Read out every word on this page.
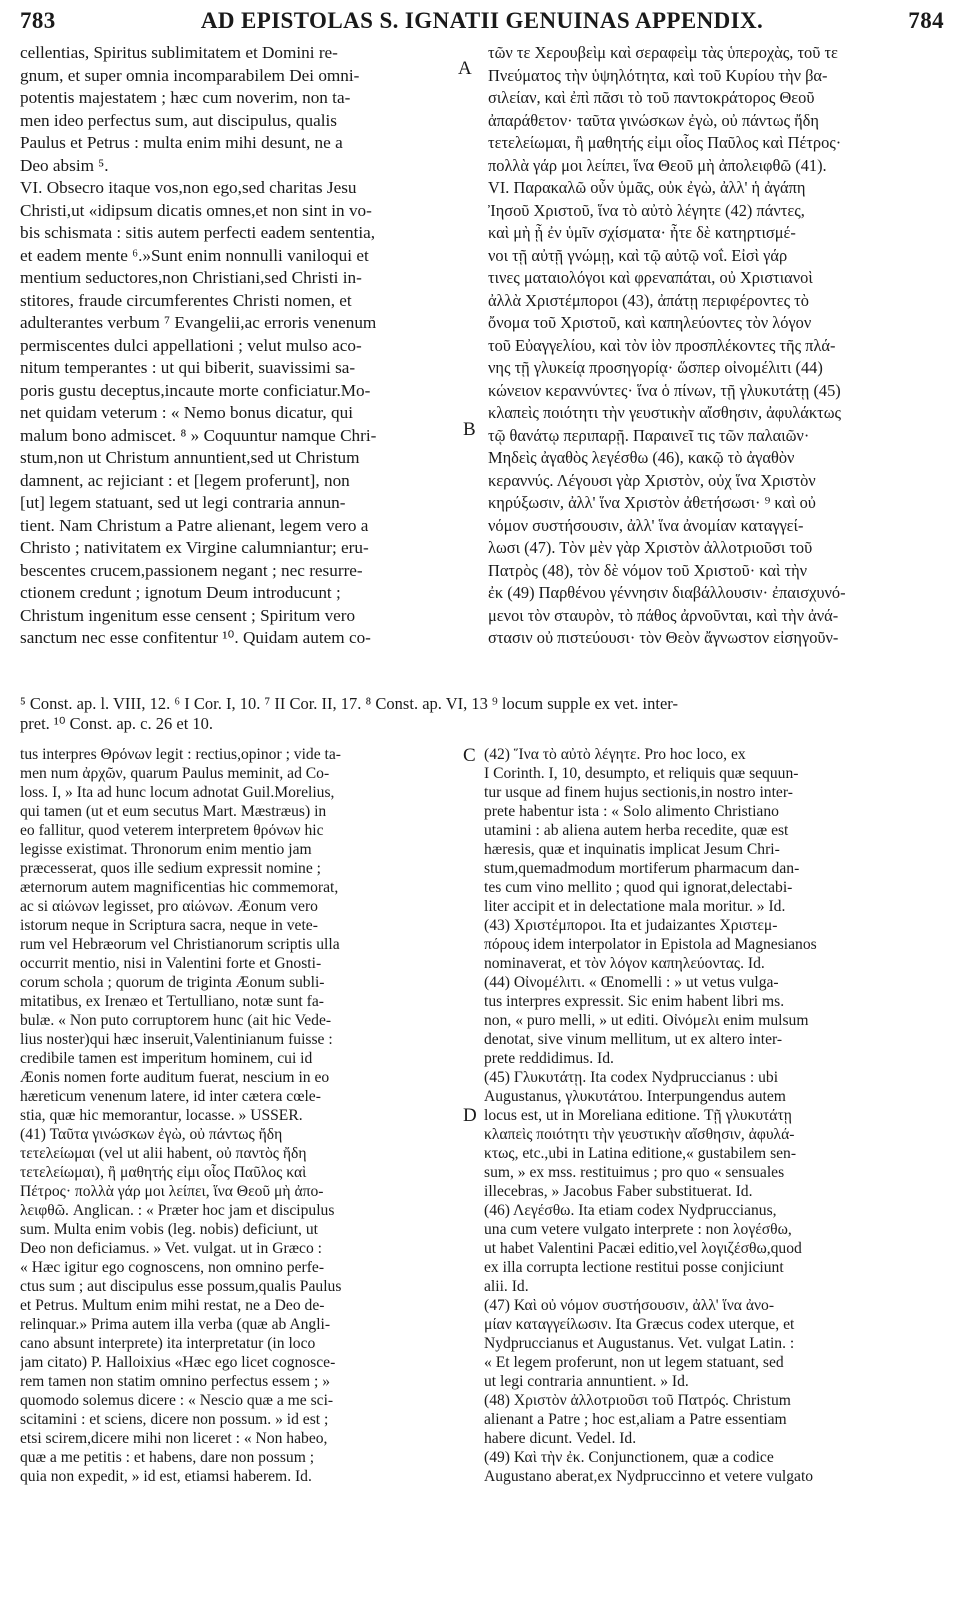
783	AD EPISTOLAS S. IGNATII GENUINAS APPENDIX.	784
cellentias, Spiritus sublimitatem et Domini re-
gnum, et super omnia incomparabilem Dei omni-
potentis majestatem ; hæc cum noverim, non ta-
men ideo perfectus sum, aut discipulus, qualis
Paulus et Petrus : multa enim mihi desunt, ne a
Deo absim ⁵.
VI. Obsecro itaque vos,non ego,sed charitas Jesu
Christi,ut «idipsum dicatis omnes,et non sint in vo-
bis schismata : sitis autem perfecti eadem sententia,
et eadem mente ⁶.»Sunt enim nonnulli vaniloqui et
mentium seductores,non Christiani,sed Christi in-
stitores, fraude circumferentes Christi nomen, et
adulterantes verbum ⁷ Evangelii,ac erroris venenum
permiscentes dulci appellationi ; velut mulso aco-
nitum temperantes : ut qui biberit, suavissimi sa-
poris gustu deceptus,incaute morte conficiatur.Mo-
net quidam veterum : « Nemo bonus dicatur, qui
malum bono admiscet. ⁸ » Coquuntur namque Chri-
stum,non ut Christum annuntient,sed ut Christum
damnent, ac rejiciant : et [legem proferunt], non
[ut] legem statuant, sed ut legi contraria annun-
tient. Nam Christum a Patre alienant, legem vero a
Christo ; nativitatem ex Virgine calumniantur; eru-
bescentes crucem,passionem negant ; nec resurre-
ctionem credunt ; ignotum Deum introducunt ;
Christum ingenitum esse censent ; Spiritum vero
sanctum nec esse confitentur ¹⁰. Quidam autem co-
τῶν τε Χερουβεὶμ καὶ σεραφεὶμ τὰς ὑπεροχὰς, τοῦ τε
Πνεύματος τὴν ὑψηλότητα, καὶ τοῦ Κυρίου τὴν βα-
σιλείαν, καὶ ἐπὶ πᾶσι τὸ τοῦ παντοκράτορος Θεοῦ
ἀπαράθετον· ταῦτα γινώσκων ἐγὼ, οὐ πάντως ἤδη
τετελείωμαι, ἢ μαθητής εἰμι οἷος Παῦλος καὶ Πέτρος·
πολλὰ γάρ μοι λείπει, ἵνα Θεοῦ μὴ ἀπολειφθῶ (41).
VI. Παρακαλῶ οὖν ὑμᾶς, οὐκ ἐγὼ, ἀλλ' ἡ ἀγάπη
Ἰησοῦ Χριστοῦ, ἵνα τὸ αὐτὸ λέγητε (42) πάντες,
καὶ μὴ ᾖ ἐν ὑμῖν σχίσματα· ἦτε δὲ κατηρτισμέ-
νοι τῇ αὐτῇ γνώμῃ, καὶ τῷ αὐτῷ νοΐ. Εἰσὶ γάρ
τινες ματαιολόγοι καὶ φρεναπάται, οὐ Χριστιανοὶ
ἀλλὰ Χριστέμποροι (43), ἀπάτῃ περιφέροντες τὸ
ὄνομα τοῦ Χριστοῦ, καὶ καπηλεύοντες τὸν λόγον
τοῦ Εὐαγγελίου, καὶ τὸν ἰὸν προσπλέκοντες τῆς πλά-
νης τῇ γλυκείᾳ προσηγορίᾳ· ὥσπερ οἰνομέλιτι (44)
κώνειον κεραννύντες· ἵνα ὁ πίνων, τῇ γλυκυτάτῃ (45)
κλαπεὶς ποιότητι τὴν γευστικὴν αἴσθησιν, ἀφυλάκτως
τῷ θανάτῳ περιπαρῇ. Παραινεῖ τις τῶν παλαιῶν·
Μηδεὶς ἀγαθὸς λεγέσθω (46), κακῷ τὸ ἀγαθὸν
κεραννύς. Λέγουσι γὰρ Χριστὸν, οὐχ ἵνα Χριστὸν
κηρύξωσιν, ἀλλ' ἵνα Χριστὸν ἀθετήσωσι· ⁹ καὶ οὐ
νόμον συστήσουσιν, ἀλλ' ἵνα ἀνομίαν καταγγεί-
λωσι (47). Τὸν μὲν γὰρ Χριστὸν ἀλλοτριοῦσι τοῦ
Πατρὸς (48), τὸν δὲ νόμον τοῦ Χριστοῦ· καὶ τὴν
ἐκ (49) Παρθένου γέννησιν διαβάλλουσιν· ἐπαισχυνό-
μενοι τὸν σταυρὸν, τὸ πάθος ἀρνοῦνται, καὶ τὴν ἀνά-
στασιν οὐ πιστεύουσι· τὸν Θεὸν ἄγνωστον εἰσηγοῦν-
A
B
C
D
⁵ Const. ap. l. VIII, 12. ⁶ I Cor. I, 10. ⁷ II Cor. II, 17. ⁸ Const. ap. VI, 13 ⁹ locum supple ex vet. inter-
pret. ¹⁰ Const. ap. c. 26 et 10.
tus interpres Θρόνων legit : rectius,opinor ; vide ta-
men num ἀρχῶν, quarum Paulus meminit, ad Co-
loss. I, » Ita ad hunc locum adnotat Guil.Morelius,
qui tamen (ut et eum secutus Mart. Mæstræus) in
eo fallitur, quod veterem interpretem θρόνων hic
legisse existimat. Thronorum enim mentio jam
præcesserat, quos ille sedium expressit nomine ;
æternorum autem magnificentias hic commemorat,
ac si αἰώνων legisset, pro αἰώνων. Æonum vero
istorum neque in Scriptura sacra, neque in vete-
rum vel Hebræorum vel Christianorum scriptis ulla
occurrit mentio, nisi in Valentini forte et Gnosti-
corum schola ; quorum de triginta Æonum subli-
mitatibus, ex Irenæo et Tertulliano, notæ sunt fa-
bulæ. « Non puto corruptorem hunc (ait hic Vede-
lius noster)qui hæc inseruit,Valentinianum fuisse :
credibile tamen est imperitum hominem, cui id
Æonis nomen forte auditum fuerat, nescium in eo
hæreticum venenum latere, id inter cætera cœle-
stia, quæ hic memorantur, locasse. » USSER.
(41) Ταῦτα γινώσκων ἐγὼ, οὐ πάντως ἤδη
τετελείωμαι (vel ut alii habent, οὐ παντὸς ἤδη
τετελείωμαι), ἢ μαθητής εἰμι οἷος Παῦλος καὶ
Πέτρος· πολλὰ γάρ μοι λείπει, ἵνα Θεοῦ μὴ ἀπο-
λειφθῶ. Anglican. : « Præter hoc jam et discipulus
sum. Multa enim vobis (leg. nobis) deficiunt, ut
Deo non deficiamus. » Vet. vulgat. ut in Græco :
« Hæc igitur ego cognoscens, non omnino perfe-
ctus sum ; aut discipulus esse possum,qualis Paulus
et Petrus. Multum enim mihi restat, ne a Deo de-
relinquar.» Prima autem illa verba (quæ ab Angli-
cano absunt interprete) ita interpretatur (in loco
jam citato) P. Halloixius «Hæc ego licet cognosce-
rem tamen non statim omnino perfectus essem ; »
quomodo solemus dicere : « Nescio quæ a me sci-
scitamini : et sciens, dicere non possum. » id est ;
etsi scirem,dicere mihi non liceret : « Non habeo,
quæ a me petitis : et habens, dare non possum ;
quia non expedit, » id est, etiamsi haberem. Id.
(42) Ἵνα τὸ αὐτὸ λέγητε. Pro hoc loco, ex
I Corinth. I, 10, desumpto, et reliquis quæ sequun-
tur usque ad finem hujus sectionis,in nostro inter-
prete habentur ista : « Solo alimento Christiano
utamini : ab aliena autem herba recedite, quæ est
hæresis, quæ et inquinatis implicat Jesum Chri-
stum,quemadmodum mortiferum pharmacum dan-
tes cum vino mellito ; quod qui ignorat,delectabi-
liter accipit et in delectatione mala moritur. » Id.
(43) Χριστέμποροι. Ita et judaizantes Χριστεμ-
πόρους idem interpolator in Epistola ad Magnesianos
nominaverat, et τὸν λόγον καπηλεύοντας. Id.
(44) Οἰνομέλιτι. « Œnomelli : » ut vetus vulga-
tus interpres expressit. Sic enim habent libri ms.
non, « puro melli, » ut editi. Οἰνόμελι enim mulsum
denotat, sive vinum mellitum, ut ex altero inter-
prete reddidimus. Id.
(45) Γλυκυτάτῃ. Ita codex Nydpruccianus : ubi
Augustanus, γλυκυτάτου. Interpungendus autem
locus est, ut in Moreliana editione. Τῇ γλυκυτάτῃ
κλαπεὶς ποιότητι τὴν γευστικὴν αἴσθησιν, ἀφυλά-
κτως, etc.,ubi in Latina editione,« gustabilem sen-
sum, » ex mss. restituimus ; pro quo « sensuales
illecebras, » Jacobus Faber substituerat. Id.
(46) Λεγέσθω. Ita etiam codex Nydpruccianus,
una cum vetere vulgato interprete : non λογέσθω,
ut habet Valentini Pacæi editio,vel λογιζέσθω,quod
ex illa corrupta lectione restitui posse conjiciunt
alii. Id.
(47) Καὶ οὐ νόμον συστήσουσιν, ἀλλ' ἵνα ἀνο-
μίαν καταγγείλωσιν. Ita Græcus codex uterque, et
Nydpruccianus et Augustanus. Vet. vulgat Latin. :
« Et legem proferunt, non ut legem statuant, sed
ut legi contraria annuntient. » Id.
(48) Χριστὸν ἀλλοτριοῦσι τοῦ Πατρός. Christum
alienant a Patre ; hoc est,aliam a Patre essentiam
habere dicunt. Vedel. Id.
(49) Καὶ τὴν ἐκ. Conjunctionem, quæ a codice
Augustano aberat,ex Nydpruccinno et vetere vulgato
